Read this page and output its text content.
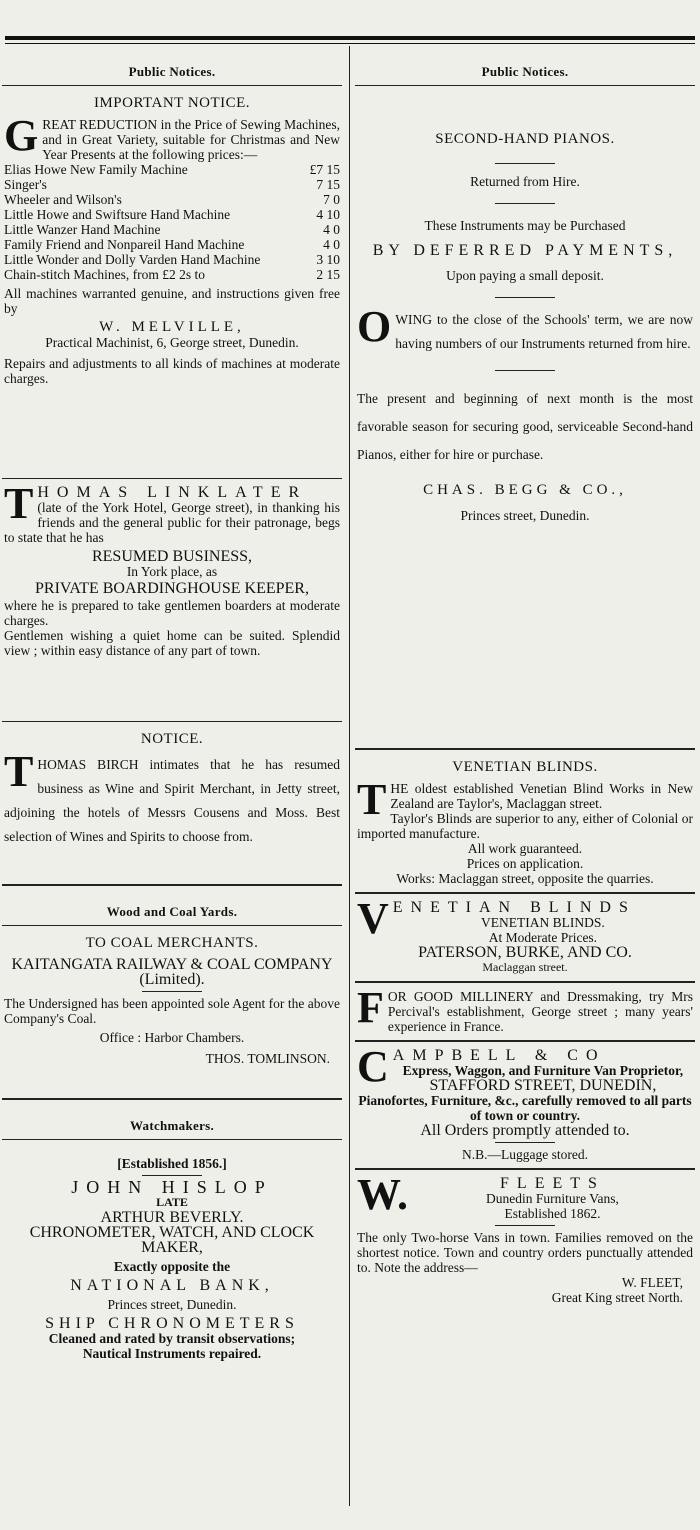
Public Notices.
IMPORTANT NOTICE.

GREAT REDUCTION in the Price of Sewing Machines, and in Great Variety, suitable for Christmas and New Year Presents at the following prices:—

Elias Howe New Family Machine	£7 15
Singer's	7 15
Wheeler and Wilson's	7 0
Little Howe and Swiftsure Hand Machine	4 10
Little Wanzer Hand Machine	4 0
Family Friend and Nonpareil Hand Machine	4 0
Little Wonder and Dolly Varden Hand Machine	3 10
Chain-stitch Machines, from £2 2s to	2 15

All machines warranted genuine, and instructions given free by

W. MELVILLE,

Practical Machinist, 6, George street, Dunedin.

Repairs and adjustments to all kinds of machines at moderate charges.

THOMAS LINKLATER
(late of the York Hotel, George street), in thanking his friends and the general public for their patronage, begs to state that he has

RESUMED BUSINESS,

In York place, as

PRIVATE BOARDINGHOUSE KEEPER,

where he is prepared to take gentlemen boarders at moderate charges.

Gentlemen wishing a quiet home can be suited. Splendid view ; within easy distance of any part of town.

NOTICE.

THOMAS BIRCH intimates that he has resumed business as Wine and Spirit Merchant, in Jetty street, adjoining the hotels of Messrs Cousens and Moss. Best selection of Wines and Spirits to choose from.

Wood and Coal Yards.
TO COAL MERCHANTS.

KAITANGATA RAILWAY & COAL COMPANY (Limited).

The Undersigned has been appointed sole Agent for the above Company's Coal.

Office : Harbor Chambers.

THOS. TOMLINSON.

Watchmakers.

[Established 1856.]

JOHN HISLOP

LATE

ARTHUR BEVERLY.

CHRONOMETER, WATCH, AND CLOCK MAKER,

Exactly opposite the

NATIONAL BANK,

Princes street, Dunedin.

SHIP CHRONOMETERS

Cleaned and rated by transit observations;

Nautical Instruments repaired.

Public Notices.
SECOND-HAND PIANOS.

Returned from Hire.

These Instruments may be Purchased

BY DEFERRED PAYMENTS,

Upon paying a small deposit.

OWING to the close of the Schools' term, we are now having numbers of our Instruments returned from hire.

The present and beginning of next month is the most favorable season for securing good, serviceable Second-hand Pianos, either for hire or purchase.

CHAS. BEGG & CO.,

Princes street, Dunedin.

VENETIAN BLINDS.

THE oldest established Venetian Blind Works in New Zealand are Taylor's, Maclaggan street.

Taylor's Blinds are superior to any, either of Colonial or imported manufacture.

All work guaranteed.

Prices on application.

Works: Maclaggan street, opposite the quarries.

VENETIAN BLINDS

VENETIAN BLINDS.

At Moderate Prices.

PATERSON, BURKE, AND CO.

Maclaggan street.

FOR GOOD MILLINERY and Dressmaking, try Mrs Percival's establishment, George street ; many years' experience in France.

CAMPBELL & CO

Express, Waggon, and Furniture Van Proprietor,

STAFFORD STREET, DUNEDIN,

Pianofortes, Furniture, &c., carefully removed to all parts of town or country.

All Orders promptly attended to.

N.B.—Luggage stored.

W.	FLEETS

Dunedin Furniture Vans,

Established 1862.

The only Two-horse Vans in town. Families removed on the shortest notice. Town and country orders punctually attended to. Note the address—

W. FLEET,

Great King street North.
